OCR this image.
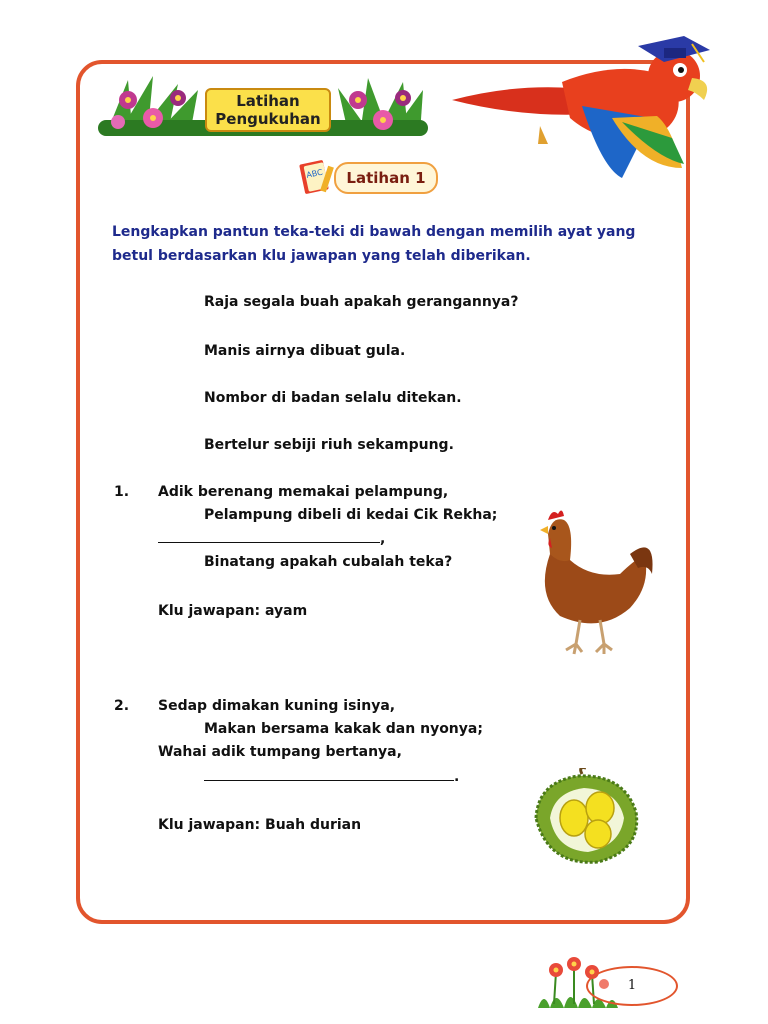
Latihan
Pengukuhan
ABC	Latihan 1
Lengkapkan pantun teka-teki di bawah dengan memilih ayat yang betul berdasarkan klu jawapan yang telah diberikan.
Raja segala buah apakah gerangannya?
Manis airnya dibuat gula.
Nombor di badan selalu ditekan.
Bertelur sebiji riuh sekampung.
1. Adik berenang memakai pelampung,
Pelampung dibeli di kedai Cik Rekha;
,
Binatang apakah cubalah teka?
Klu jawapan: ayam
2. Sedap dimakan kuning isinya,
Makan bersama kakak dan nyonya;
Wahai adik tumpang bertanya,
.
Klu jawapan: Buah durian
1
